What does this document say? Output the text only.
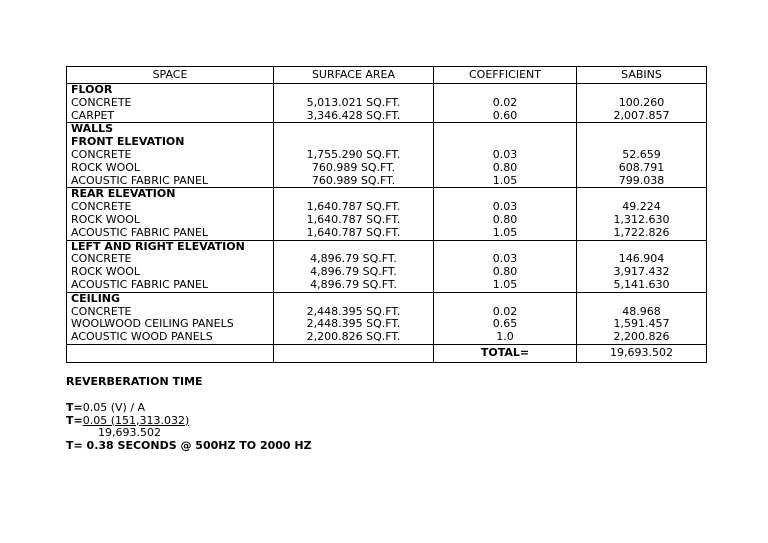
SPACE	SURFACE AREA	COEFFICIENT	SABINS
FLOOR			
CONCRETE	5,013.021 SQ.FT.	0.02	100.260
CARPET	3,346.428 SQ.FT.	0.60	2,007.857
WALLS			
FRONT ELEVATION			
CONCRETE	1,755.290 SQ.FT.	0.03	52.659
ROCK WOOL	760.989 SQ.FT.	0.80	608.791
ACOUSTIC FABRIC PANEL	760.989 SQ.FT.	1.05	799.038
REAR ELEVATION			
CONCRETE	1,640.787 SQ.FT.	0.03	49.224
ROCK WOOL	1,640.787 SQ.FT.	0.80	1,312.630
ACOUSTIC FABRIC PANEL	1,640.787 SQ.FT.	1.05	1,722.826
LEFT AND RIGHT ELEVATION			
CONCRETE	4,896.79 SQ.FT.	0.03	146.904
ROCK WOOL	4,896.79 SQ.FT.	0.80	3,917.432
ACOUSTIC FABRIC PANEL	4,896.79 SQ.FT.	1.05	5,141.630
CEILING			
CONCRETE	2,448.395 SQ.FT.	0.02	48.968
WOOLWOOD CEILING PANELS	2,448.395 SQ.FT.	0.65	1,591.457
ACOUSTIC WOOD PANELS	2,200.826 SQ.FT.	1.0	2,200.826
		TOTAL=	19,693.502
REVERBERATION TIME
T=0.05 (V) / A
T=0.05 (151,313.032)
19,693.502
T= 0.38 SECONDS @ 500HZ TO 2000 HZ
